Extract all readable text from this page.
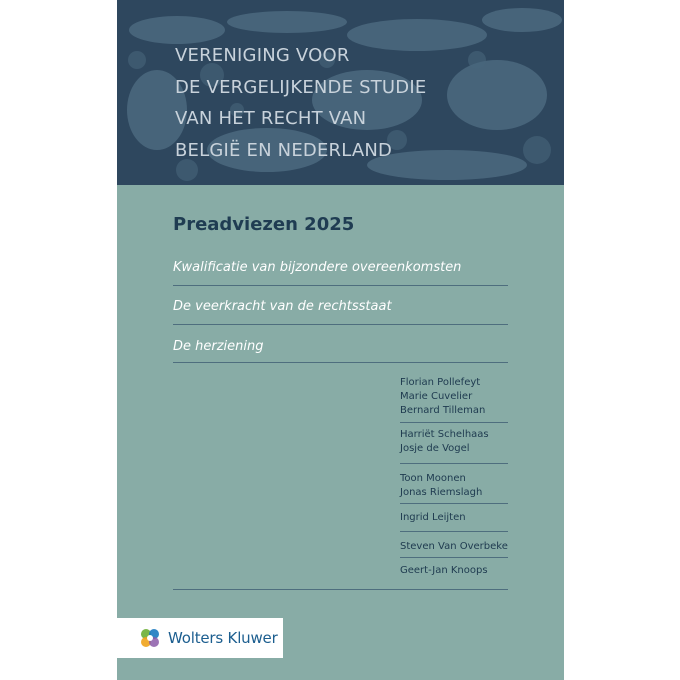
VERENIGING VOOR
DE VERGELIJKENDE STUDIE
VAN HET RECHT VAN
BELGIË EN NEDERLAND
Preadviezen 2025
Kwalificatie van bijzondere overeenkomsten
De veerkracht van de rechtsstaat
De herziening
Florian Pollefeyt
Marie Cuvelier
Bernard Tilleman
Harriët Schelhaas
Josje de Vogel
Toon Moonen
Jonas Riemslagh
Ingrid Leijten
Steven Van Overbeke
Geert-Jan Knoops
Wolters Kluwer
